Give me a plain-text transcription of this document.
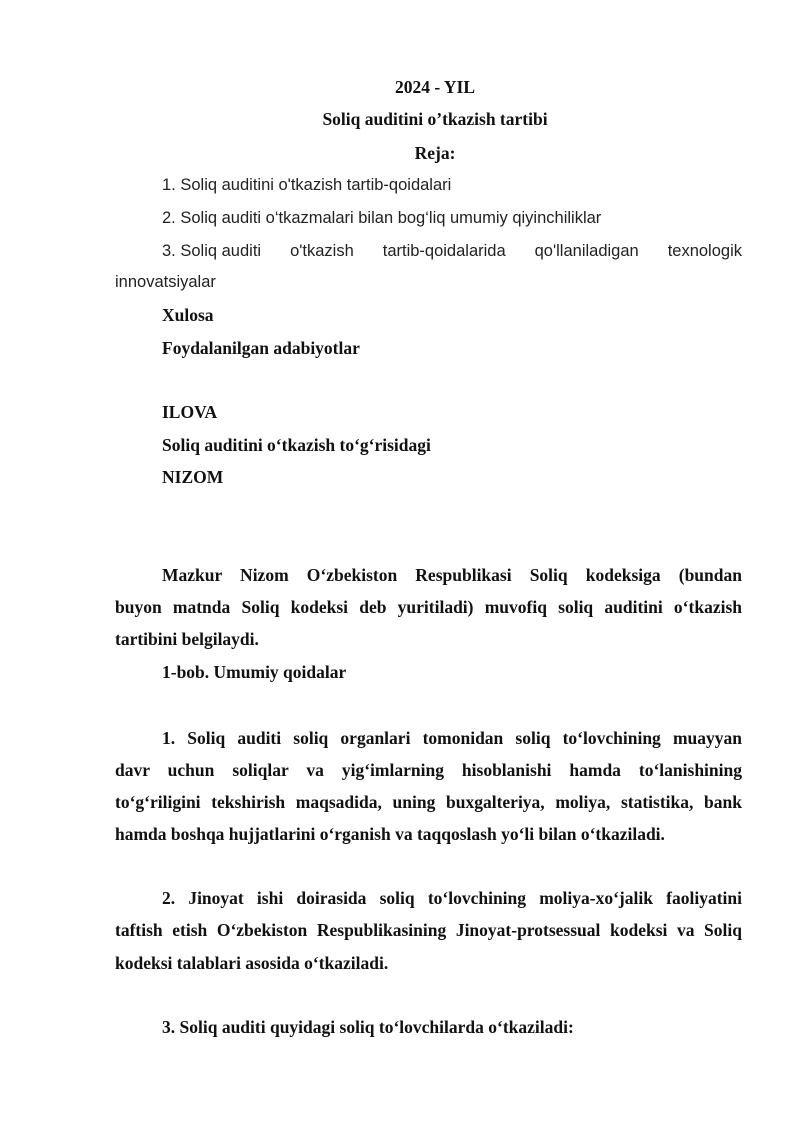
2024 - YIL
Soliq auditini o’tkazish tartibi
Reja:
1. Soliq auditini o'tkazish tartib-qoidalari
2. Soliq auditi o‘tkazmalari bilan bog‘liq umumiy qiyinchiliklar
3. Soliq auditi o'tkazish tartib-qoidalarida qo'llaniladigan texnologik
innovatsiyalar
Xulosa
Foydalanilgan adabiyotlar
ILOVA
Soliq auditini o‘tkazish to‘g‘risidagi
NIZOM
Mazkur Nizom O‘zbekiston Respublikasi Soliq kodeksiga (bundan
buyon matnda Soliq kodeksi deb yuritiladi) muvofiq soliq auditini o‘tkazish
tartibini belgilaydi.
1-bob. Umumiy qoidalar
1. Soliq auditi soliq organlari tomonidan soliq to‘lovchining muayyan
davr uchun soliqlar va yig‘imlarning hisoblanishi hamda to‘lanishining
to‘g‘riligini tekshirish maqsadida, uning buxgalteriya, moliya, statistika, bank
hamda boshqa hujjatlarini o‘rganish va taqqoslash yo‘li bilan o‘tkaziladi.
2. Jinoyat ishi doirasida soliq to‘lovchining moliya-xo‘jalik faoliyatini
taftish etish O‘zbekiston Respublikasining Jinoyat-protsessual kodeksi va Soliq
kodeksi talablari asosida o‘tkaziladi.
3. Soliq auditi quyidagi soliq to‘lovchilarda o‘tkaziladi:
